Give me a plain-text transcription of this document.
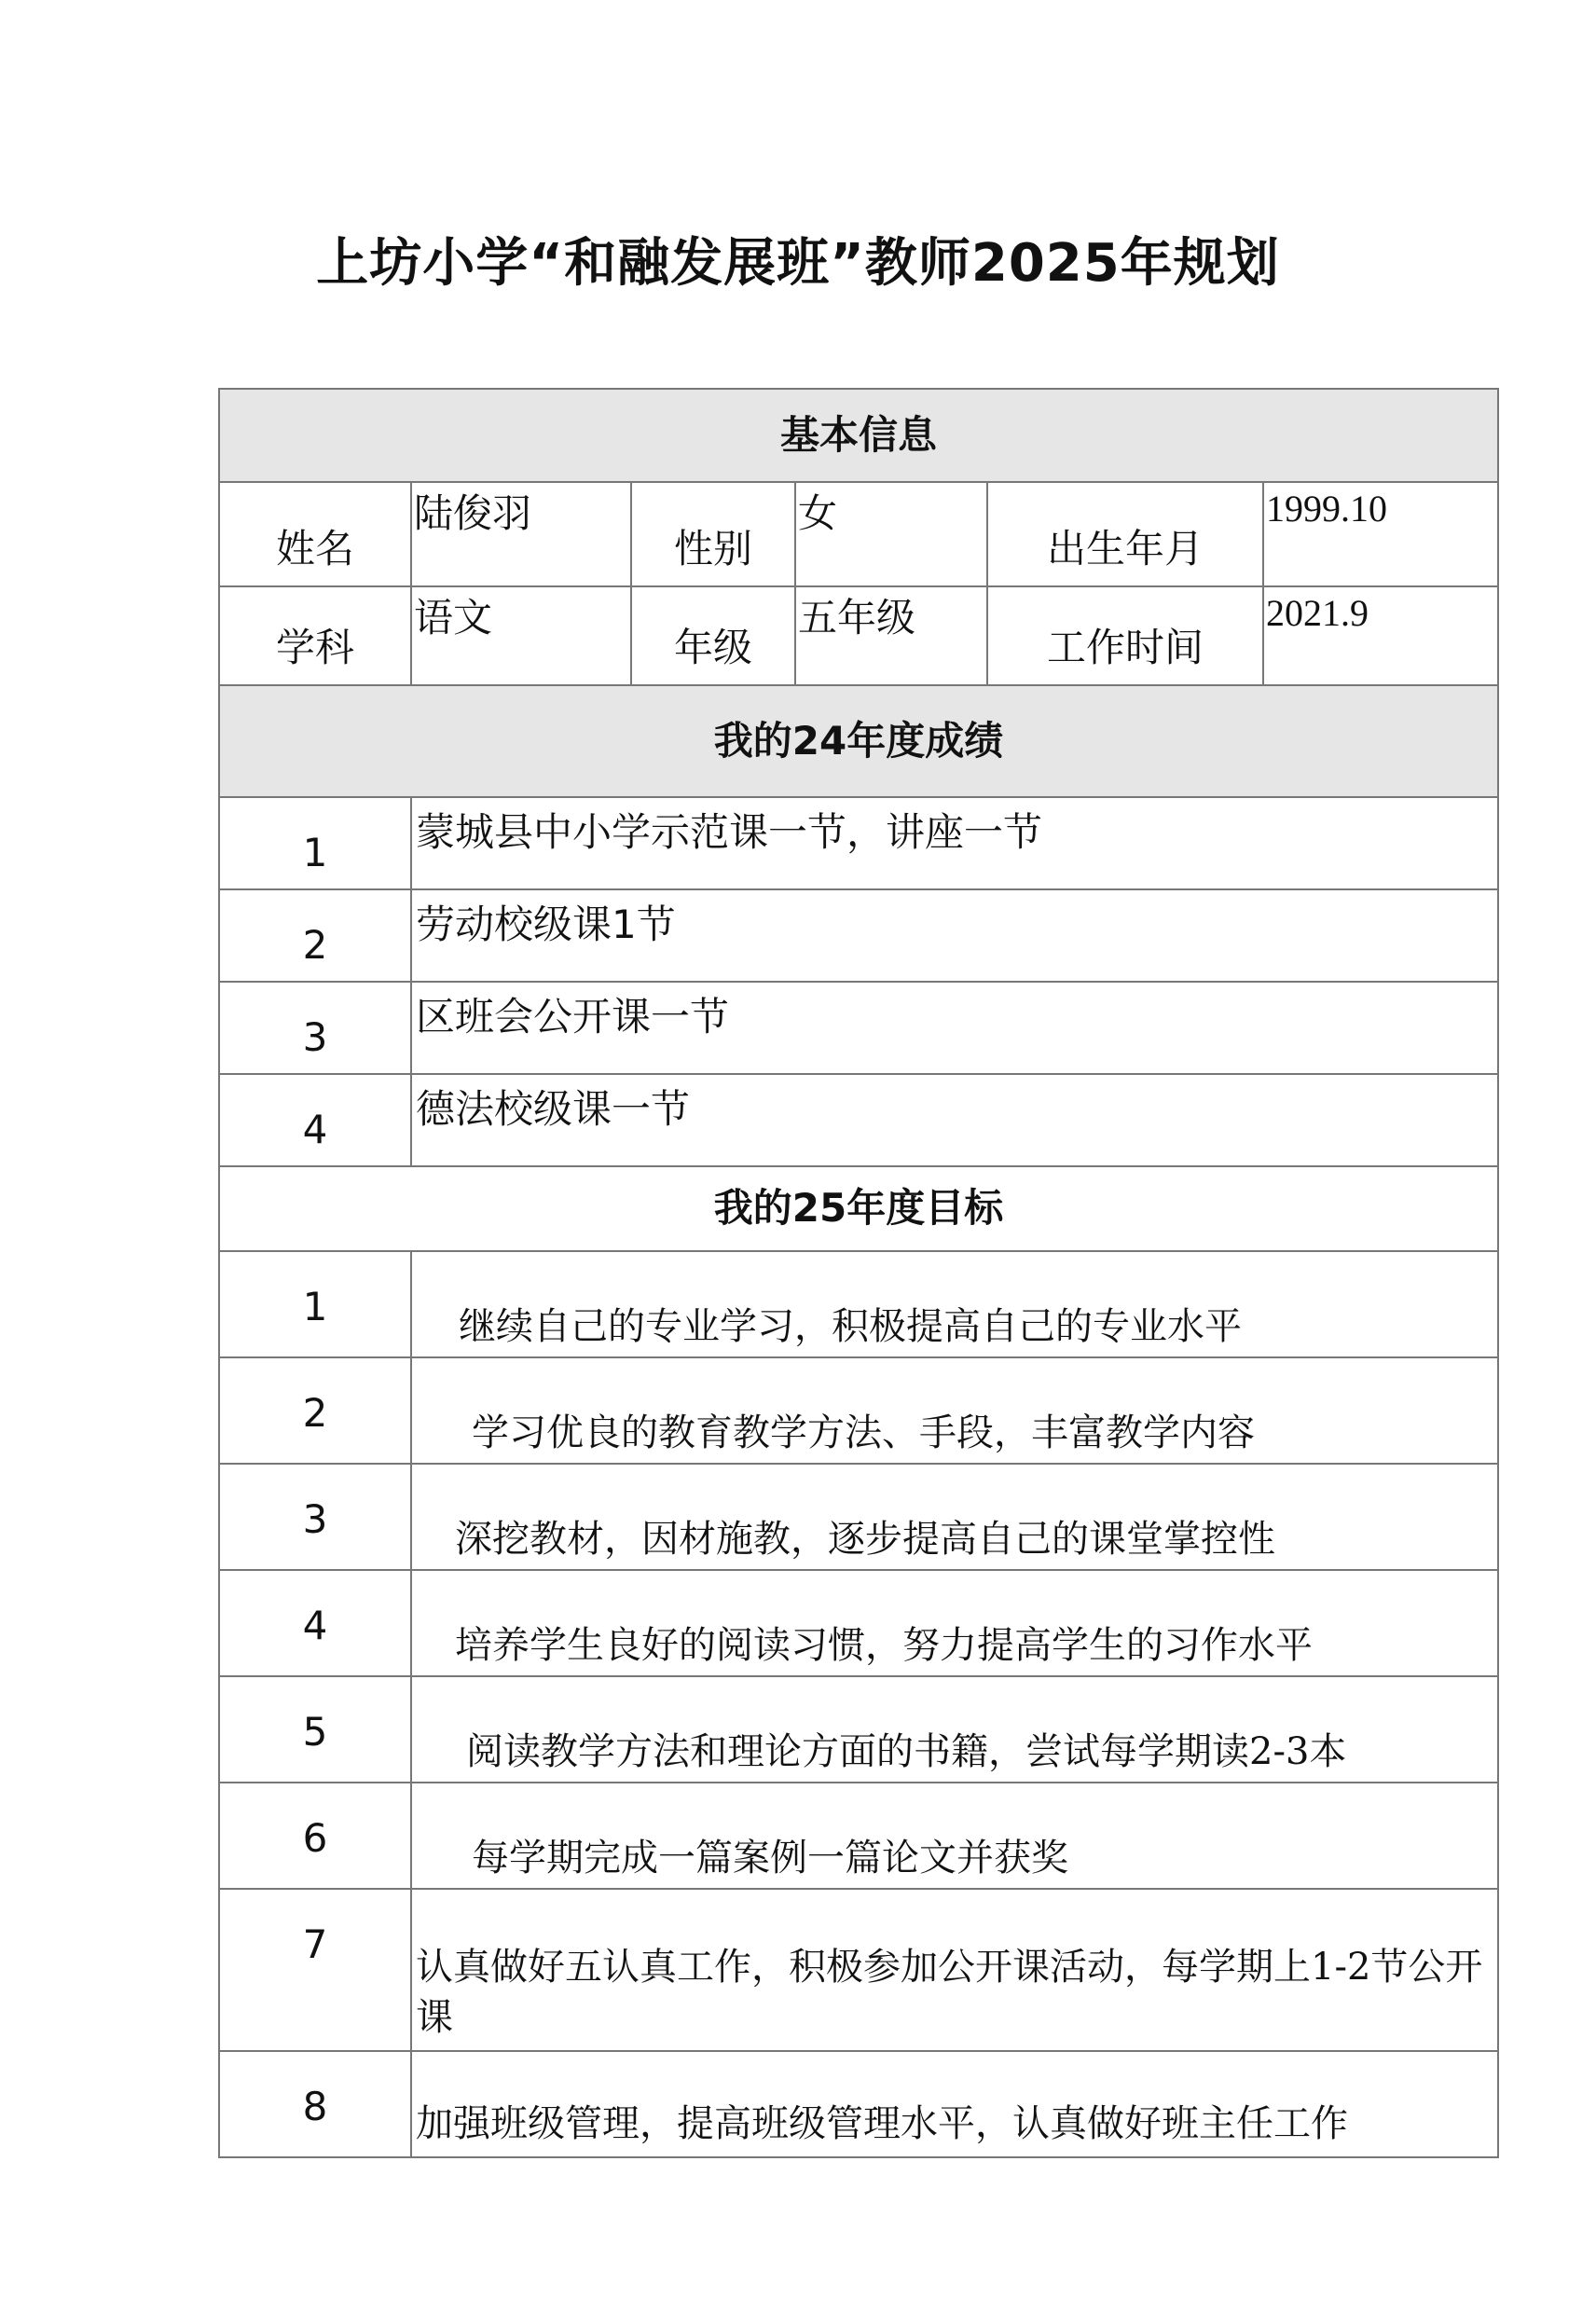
上坊小学“和融发展班”教师2025年规划
基本信息					
姓名	陆俊羽	性别	女	出生年月	1999.10
学科	语文	年级	五年级	工作时间	2021.9
我的24年度成绩					
1	蒙城县中小学示范课一节，讲座一节				
2	劳动校级课1节				
3	区班会公开课一节				
4	德法校级课一节				
我的25年度目标					
1	继续自己的专业学习，积极提高自己的专业水平				
2	学习优良的教育教学方法、手段，丰富教学内容				
3	深挖教材，因材施教，逐步提高自己的课堂掌控性				
4	培养学生良好的阅读习惯，努力提高学生的习作水平				
5	阅读教学方法和理论方面的书籍，尝试每学期读2-3本				
6	每学期完成一篇案例一篇论文并获奖				
7	认真做好五认真工作，积极参加公开课活动，每学期上1-2节公开课				
8	加强班级管理，提高班级管理水平，认真做好班主任工作				
